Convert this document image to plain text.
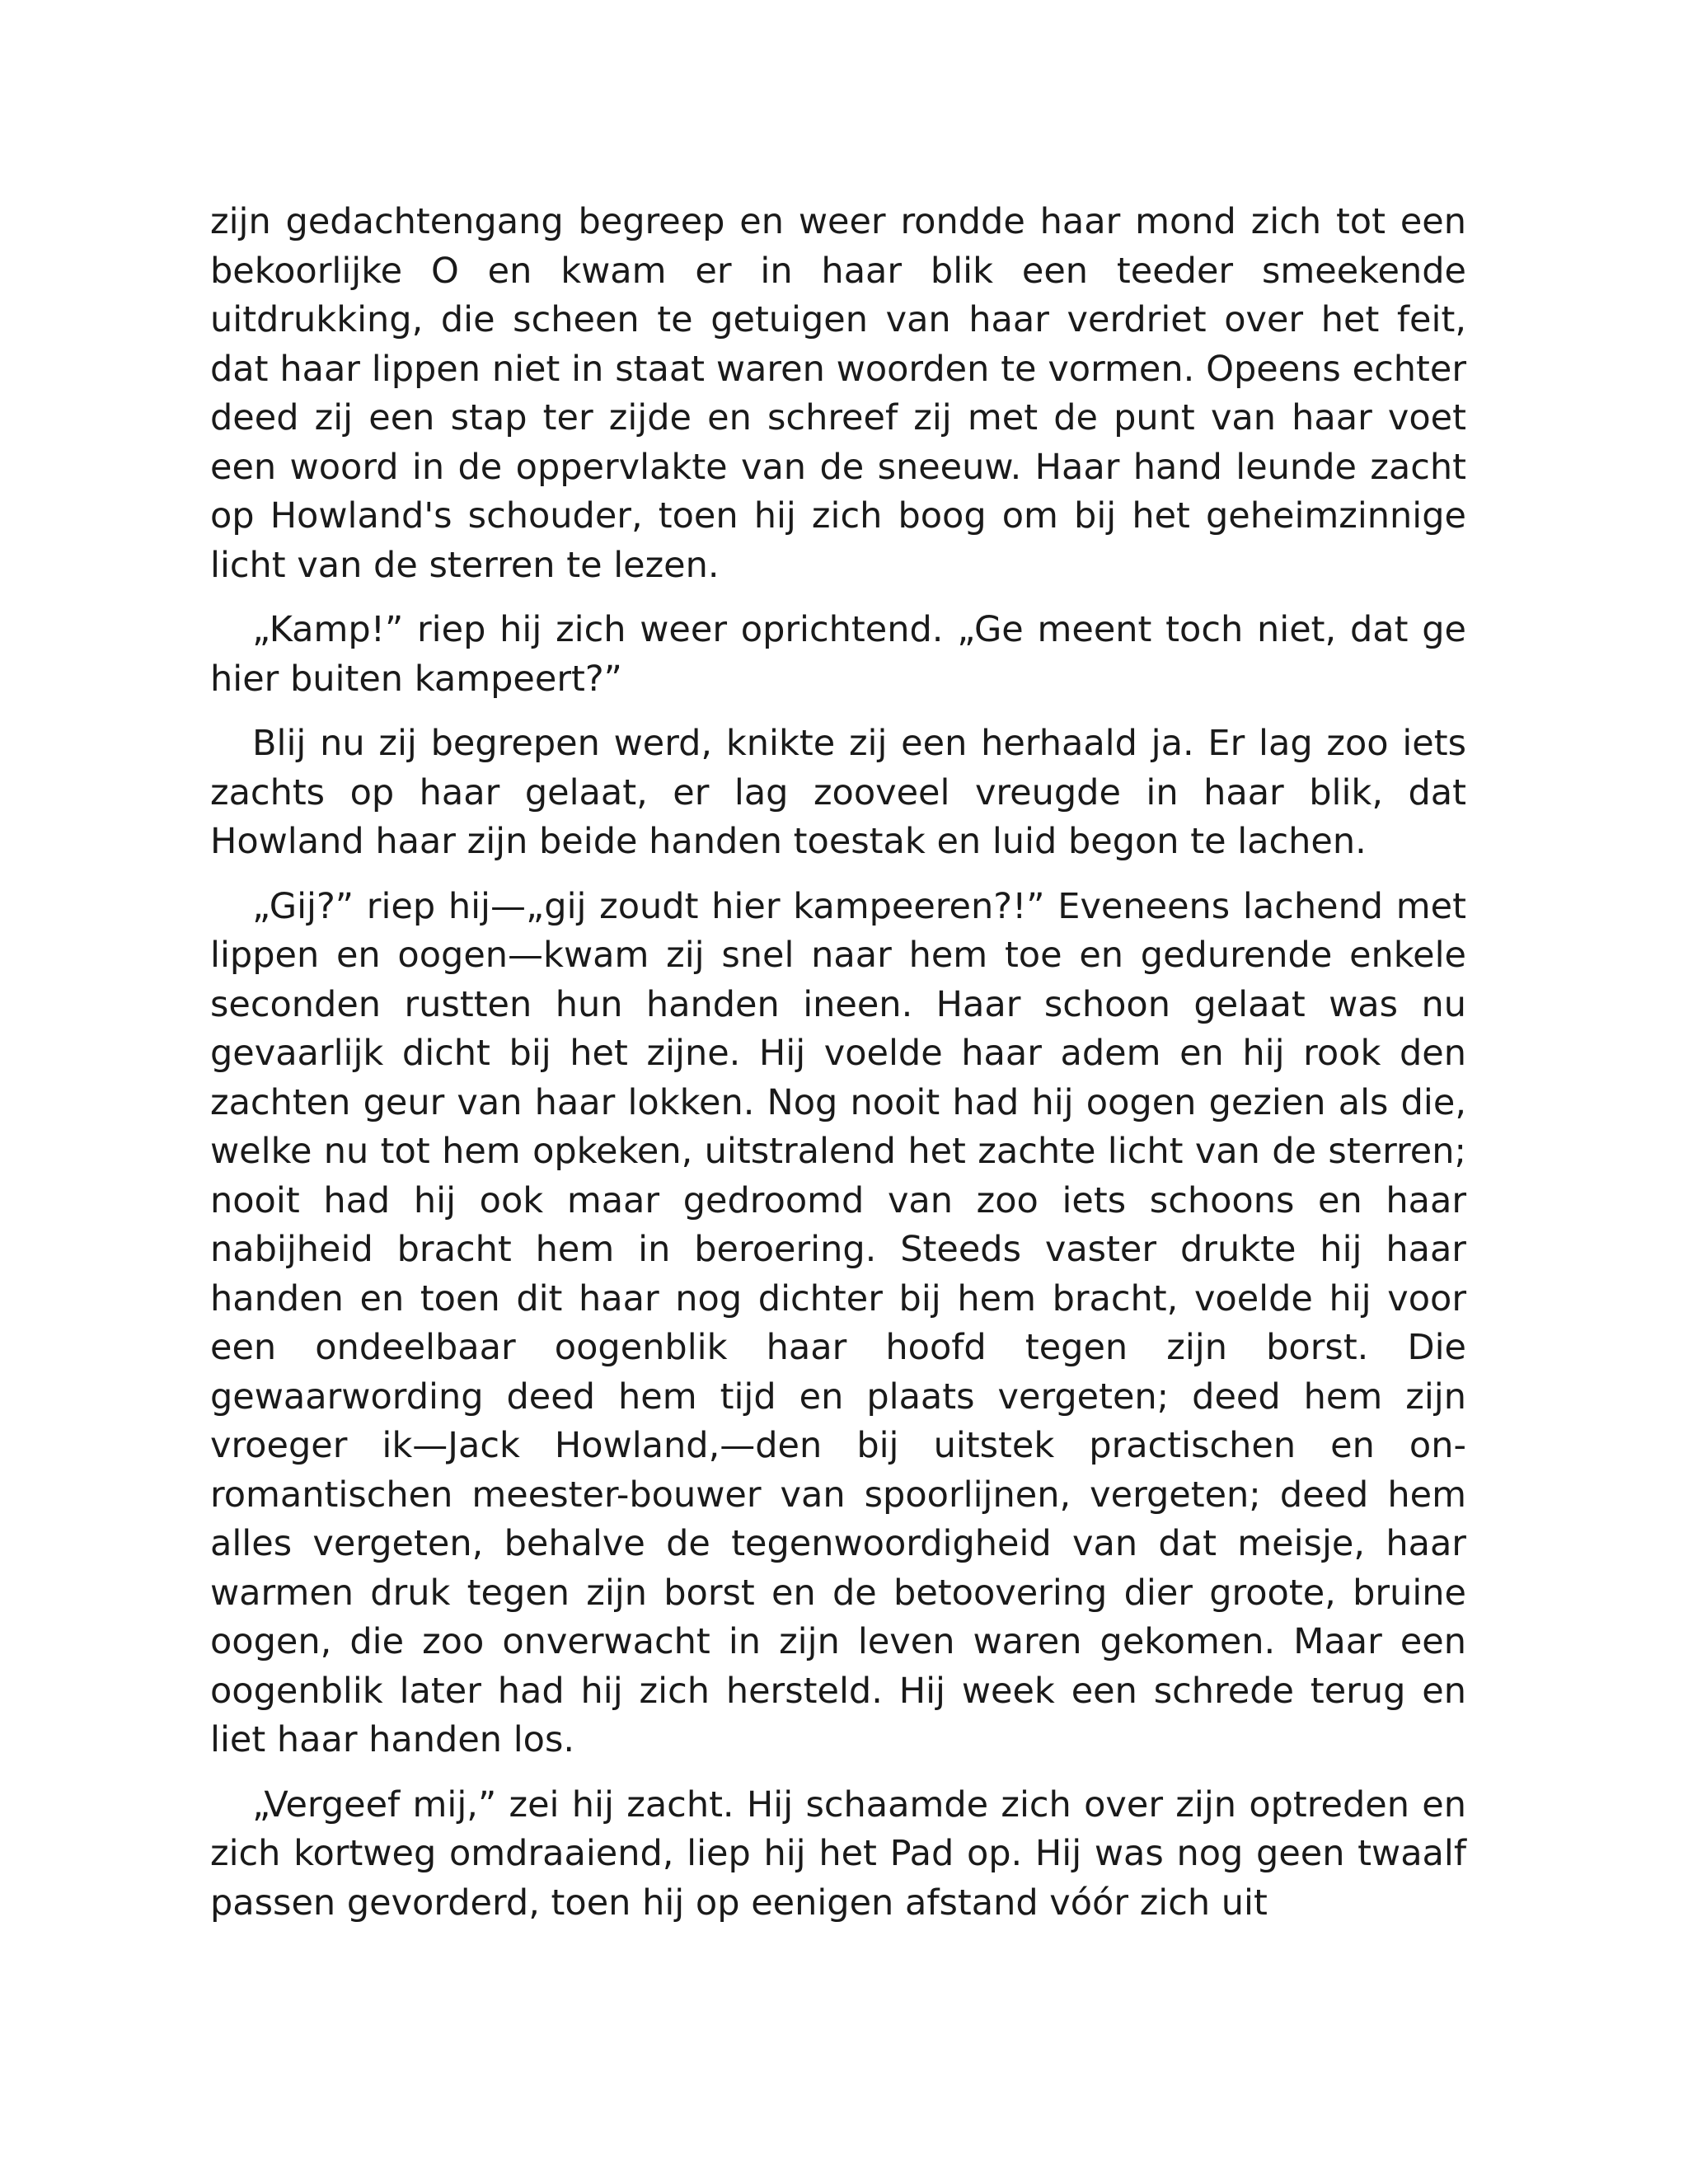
zijn gedachtengang begreep en weer rondde haar mond zich tot een bekoorlijke O en kwam er in haar blik een teeder smeekende uitdrukking, die scheen te getuigen van haar verdriet over het feit, dat haar lippen niet in staat waren woorden te vormen. Opeens echter deed zij een stap ter zijde en schreef zij met de punt van haar voet een woord in de oppervlakte van de sneeuw. Haar hand leunde zacht op Howland's schouder, toen hij zich boog om bij het geheimzinnige licht van de sterren te lezen.

„Kamp!” riep hij zich weer oprichtend. „Ge meent toch niet, dat ge hier buiten kampeert?”

Blij nu zij begrepen werd, knikte zij een herhaald ja. Er lag zoo iets zachts op haar gelaat, er lag zooveel vreugde in haar blik, dat Howland haar zijn beide handen toestak en luid begon te lachen.

„Gij?” riep hij—„gij zoudt hier kampeeren?!” Eveneens lachend met lippen en oogen—kwam zij snel naar hem toe en gedurende enkele seconden rustten hun handen ineen. Haar schoon gelaat was nu gevaarlijk dicht bij het zijne. Hij voelde haar adem en hij rook den zachten geur van haar lokken. Nog nooit had hij oogen gezien als die, welke nu tot hem opkeken, uitstralend het zachte licht van de sterren; nooit had hij ook maar gedroomd van zoo iets schoons en haar nabijheid bracht hem in beroering. Steeds vaster drukte hij haar handen en toen dit haar nog dichter bij hem bracht, voelde hij voor een ondeelbaar oogenblik haar hoofd tegen zijn borst. Die gewaarwording deed hem tijd en plaats vergeten; deed hem zijn vroeger ik—Jack Howland,—den bij uitstek practischen en on-romantischen meester-bouwer van spoorlijnen, vergeten; deed hem alles vergeten, behalve de tegenwoordigheid van dat meisje, haar warmen druk tegen zijn borst en de betoovering dier groote, bruine oogen, die zoo onverwacht in zijn leven waren gekomen. Maar een oogenblik later had hij zich hersteld. Hij week een schrede terug en liet haar handen los.

„Vergeef mij,” zei hij zacht. Hij schaamde zich over zijn optreden en zich kortweg omdraaiend, liep hij het Pad op. Hij was nog geen twaalf passen gevorderd, toen hij op eenigen afstand vóór zich uit
